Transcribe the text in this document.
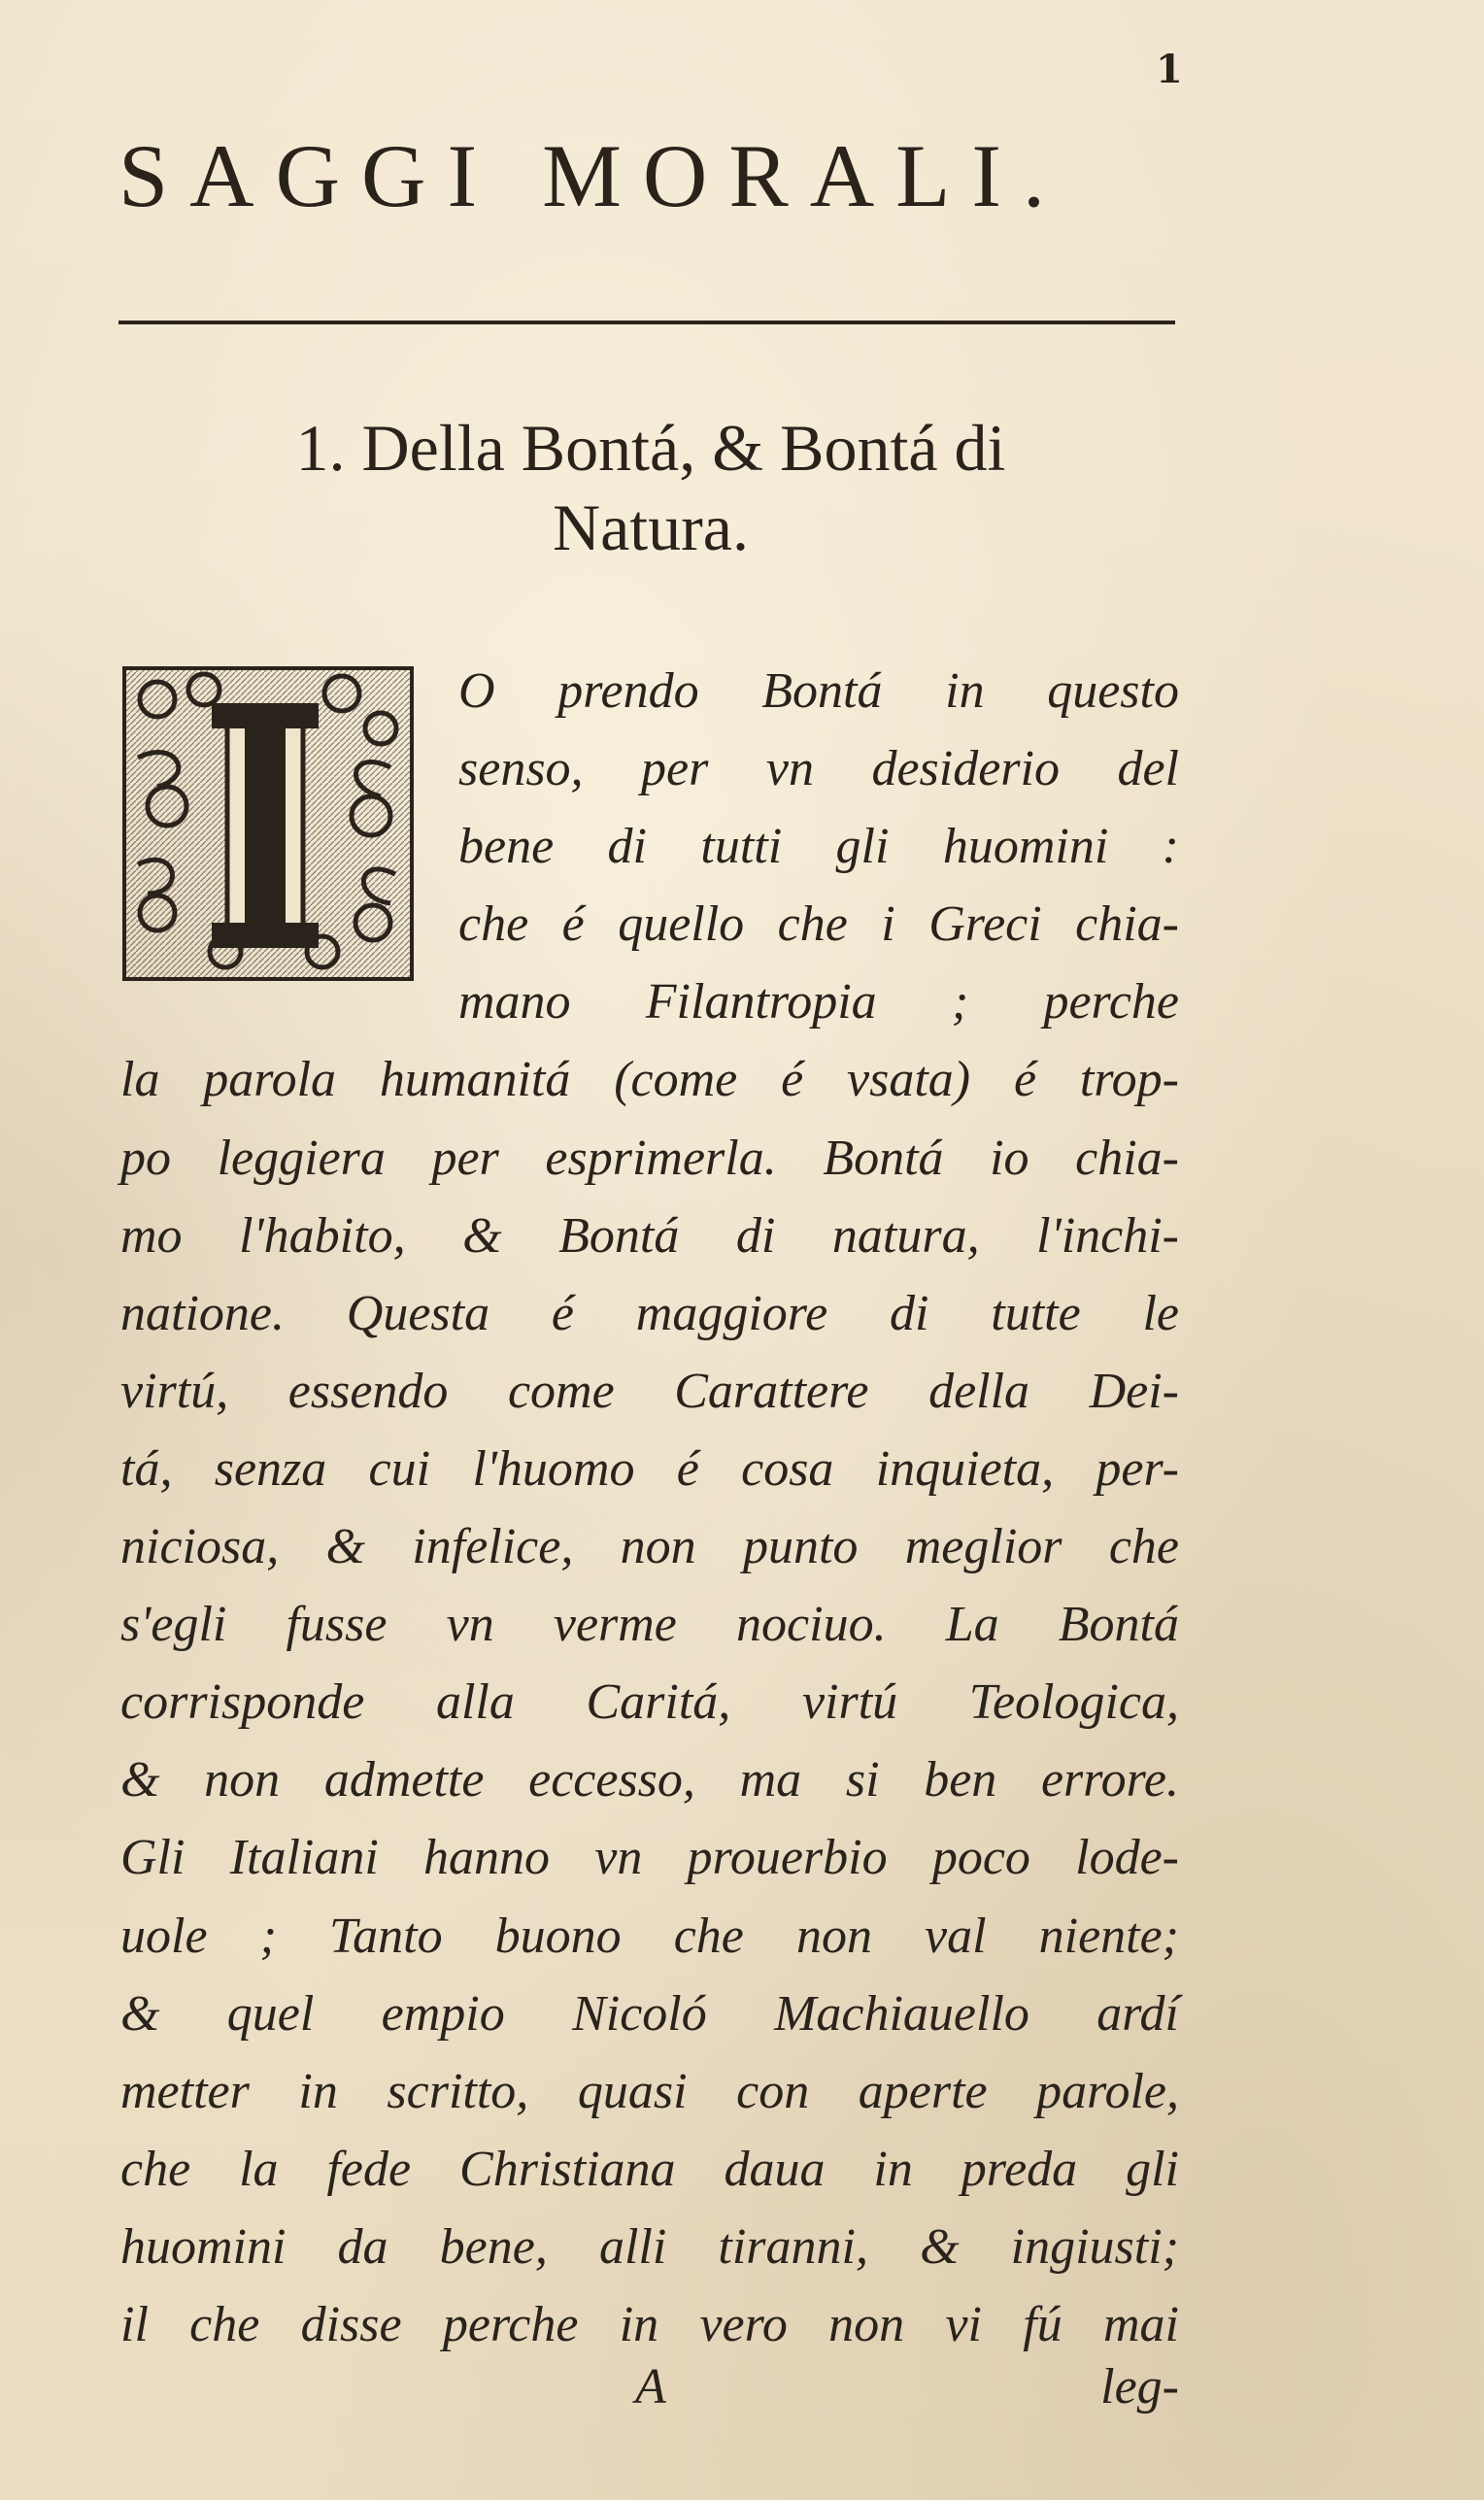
1
SAGGI MORALI.
1. Della Bontá, & Bontá di
Natura.
O prendo Bontá in questo
senso, per vn desiderio del
bene di tutti gli huomini :
che é quello che i Greci chia-
mano Filantropia ; perche
la parola humanitá (come é vsata) é trop-
po leggiera per esprimerla. Bontá io chia-
mo l'habito, & Bontá di natura, l'inchi-
natione. Questa é maggiore di tutte le
virtú, essendo come Carattere della Dei-
tá, senza cui l'huomo é cosa inquieta, per-
niciosa, & infelice, non punto meglior che
s'egli fusse vn verme nociuo. La Bontá
corrisponde alla Caritá, virtú Teologica,
& non admette eccesso, ma si ben errore.
Gli Italiani hanno vn prouerbio poco lode-
uole ; Tanto buono che non val niente;
& quel empio Nicoló Machiauello ardí
metter in scritto, quasi con aperte parole,
che la fede Christiana daua in preda gli
huomini da bene, alli tiranni, & ingiusti;
il che disse perche in vero non vi fú mai
A	leg-
